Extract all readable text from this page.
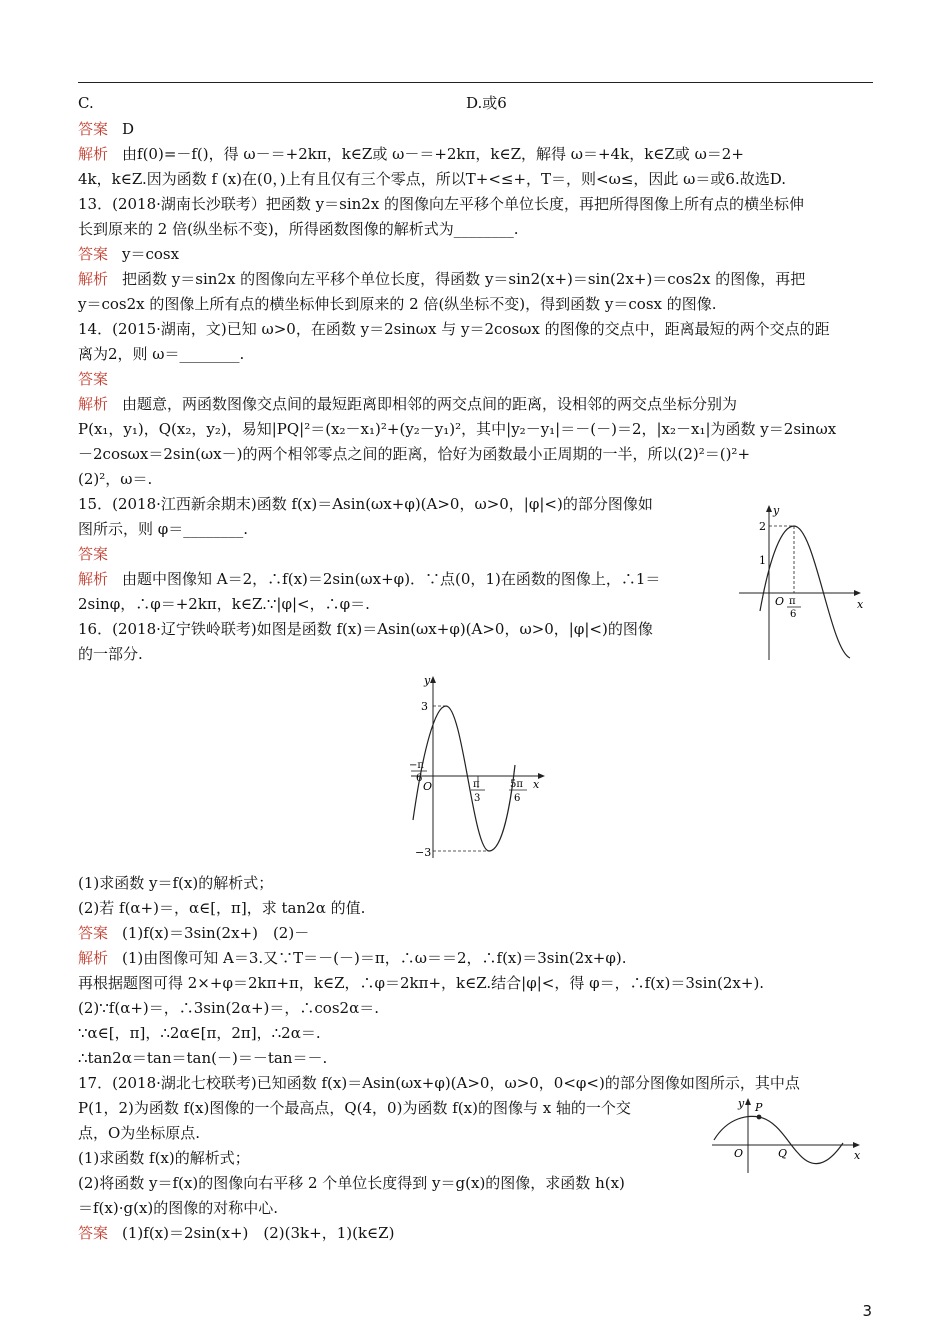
C.	D.或6
答案 D
解析 由f(0)=－f()，得 ω－＝+2kπ，k∈Z或 ω－＝+2kπ，k∈Z，解得 ω＝+4k，k∈Z或 ω＝2+
4k，k∈Z.因为函数 f (x)在(0，)上有且仅有三个零点，所以T+<≤+，T＝，则<ω≤，因此 ω＝或6.故选D.
13．(2018·湖南长沙联考）把函数 y＝sin2x 的图像向左平移个单位长度，再把所得图像上所有点的横坐标伸
长到原来的 2 倍(纵坐标不变)，所得函数图像的解析式为________.
答案 y＝cosx
解析 把函数 y＝sin2x 的图像向左平移个单位长度，得函数 y＝sin2(x+)＝sin(2x+)＝cos2x 的图像，再把
y＝cos2x 的图像上所有点的横坐标伸长到原来的 2 倍(纵坐标不变)，得到函数 y＝cosx 的图像.
14．(2015·湖南，文)已知 ω>0，在函数 y＝2sinωx 与 y＝2cosωx 的图像的交点中，距离最短的两个交点的距
离为2，则 ω＝________.
答案
解析 由题意，两函数图像交点间的最短距离即相邻的两交点间的距离，设相邻的两交点坐标分别为
P(x₁，y₁)，Q(x₂，y₂)，易知|PQ|²＝(x₂－x₁)²+(y₂－y₁)²，其中|y₂－y₁|＝－(－)＝2，|x₂－x₁|为函数 y＝2sinωx
－2cosωx＝2sin(ωx－)的两个相邻零点之间的距离，恰好为函数最小正周期的一半，所以(2)²＝()²+
(2)²，ω＝.
15．(2018·江西新余期末)函数 f(x)＝Asin(ωx+φ)(A>0，ω>0，|φ|<)的部分图像如
图所示，则 φ＝________.
答案
解析 由题中图像知 A＝2，∴f(x)＝2sin(ωx+φ)．∵点(0，1)在函数的图像上，∴1＝
2sinφ，∴φ＝+2kπ，k∈Z.∵|φ|<，∴φ＝.
y
x
O
2
1
π
6
16．(2018·辽宁铁岭联考)如图是函数 f(x)＝Asin(ωx+φ)(A>0，ω>0，|φ|<)的图像
的一部分.
y
x
O
3
−3
−π
6
π
3
5π
6
(1)求函数 y＝f(x)的解析式；
(2)若 f(α+)＝，α∈[，π]，求 tan2α 的值.
答案 (1)f(x)＝3sin(2x+)　(2)－
解析 (1)由图像可知 A＝3.又∵T＝－(－)＝π，∴ω＝＝2，∴f(x)＝3sin(2x+φ).
再根据题图可得 2×+φ＝2kπ+π，k∈Z，∴φ＝2kπ+，k∈Z.结合|φ|<，得 φ＝，∴f(x)＝3sin(2x+).
(2)∵f(α+)＝，∴3sin(2α+)＝，∴cos2α＝.
∵α∈[，π]，∴2α∈[π，2π]，∴2α＝.
∴tan2α＝tan＝tan(－)＝－tan＝－.
17．(2018·湖北七校联考)已知函数 f(x)＝Asin(ωx+φ)(A>0，ω>0，0<φ<)的部分图像如图所示，其中点
P(1，2)为函数 f(x)图像的一个最高点，Q(4，0)为函数 f(x)的图像与 x 轴的一个交
点，O为坐标原点.
(1)求函数 f(x)的解析式；
(2)将函数 y＝f(x)的图像向右平移 2 个单位长度得到 y＝g(x)的图像，求函数 h(x)
＝f(x)·g(x)的图像的对称中心.
答案 (1)f(x)＝2sin(x+)　(2)(3k+，1)(k∈Z)
y
x
O
P
Q
3
